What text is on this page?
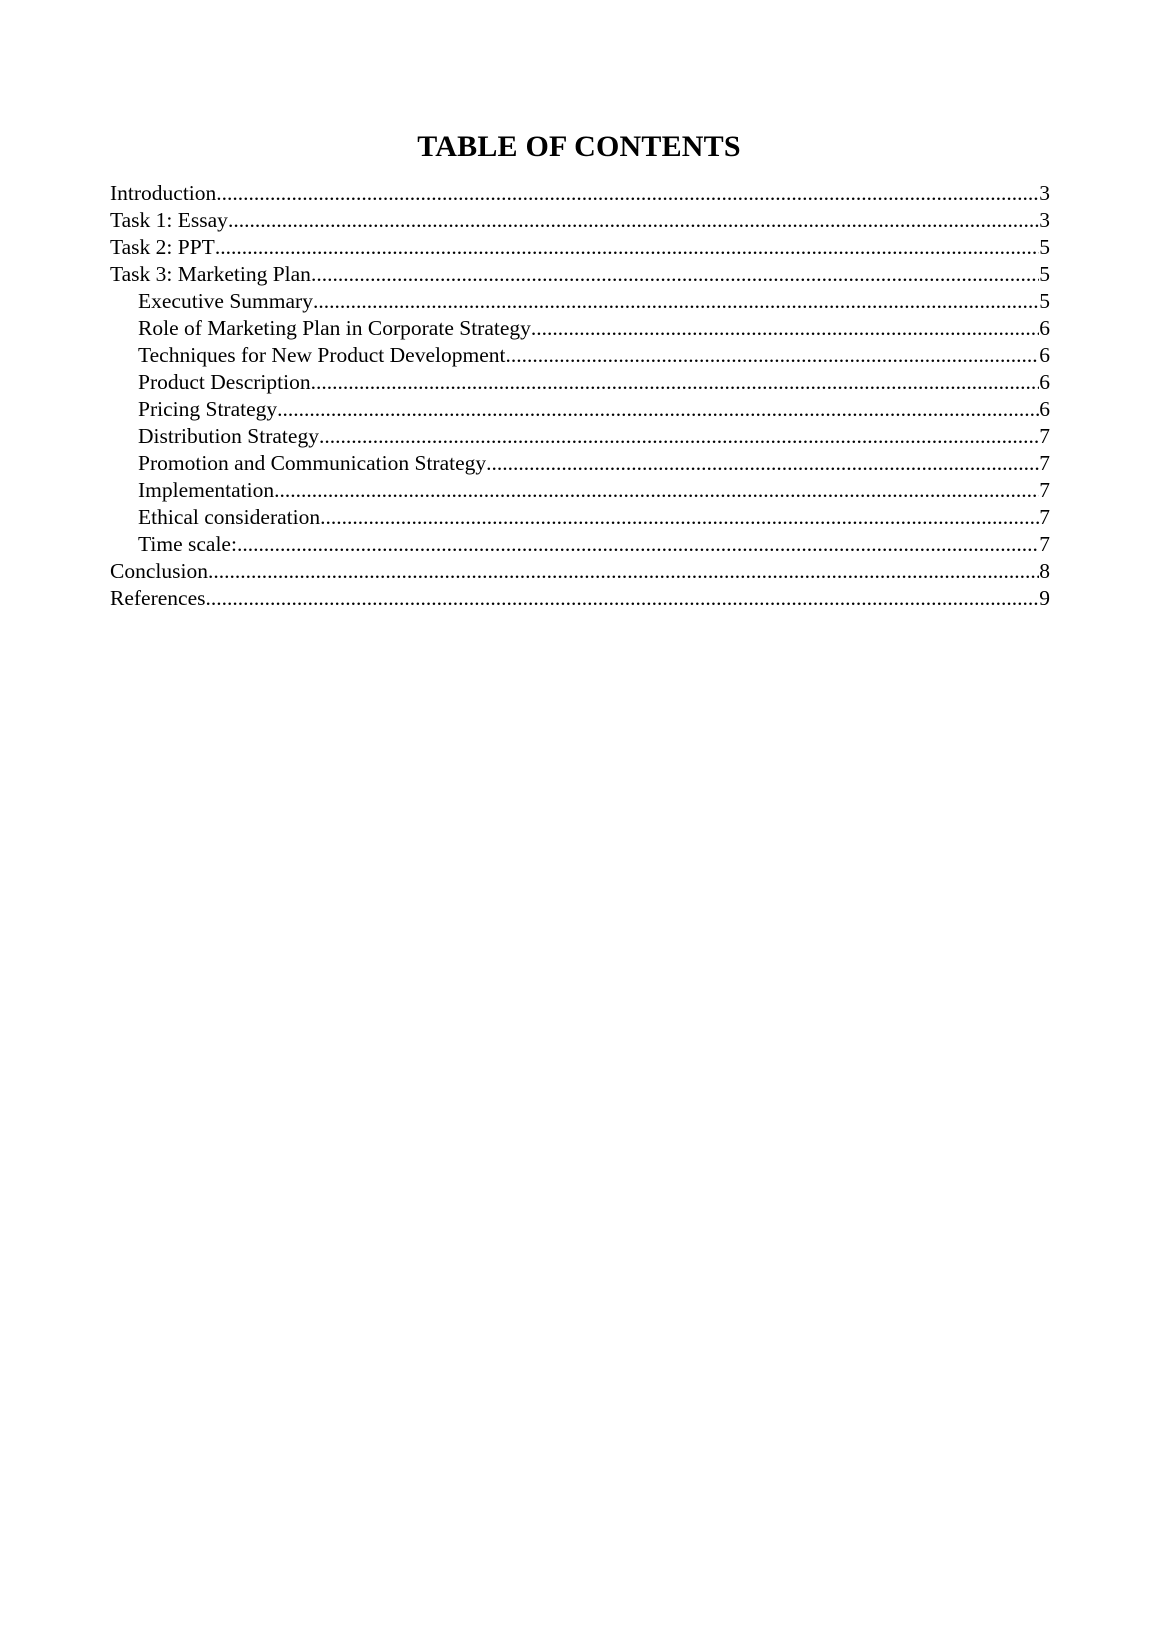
TABLE OF CONTENTS
Introduction .....	3
Task 1: Essay .....	3
Task 2: PPT .....	5
Task 3: Marketing Plan .....	5
Executive Summary .....	5
Role of Marketing Plan in Corporate Strategy .....	6
Techniques for New Product Development .....	6
Product Description .....	6
Pricing Strategy .....	6
Distribution Strategy .....	7
Promotion and Communication Strategy .....	7
Implementation .....	7
Ethical consideration .....	7
Time scale: .....	7
Conclusion .....	8
References .....	9
